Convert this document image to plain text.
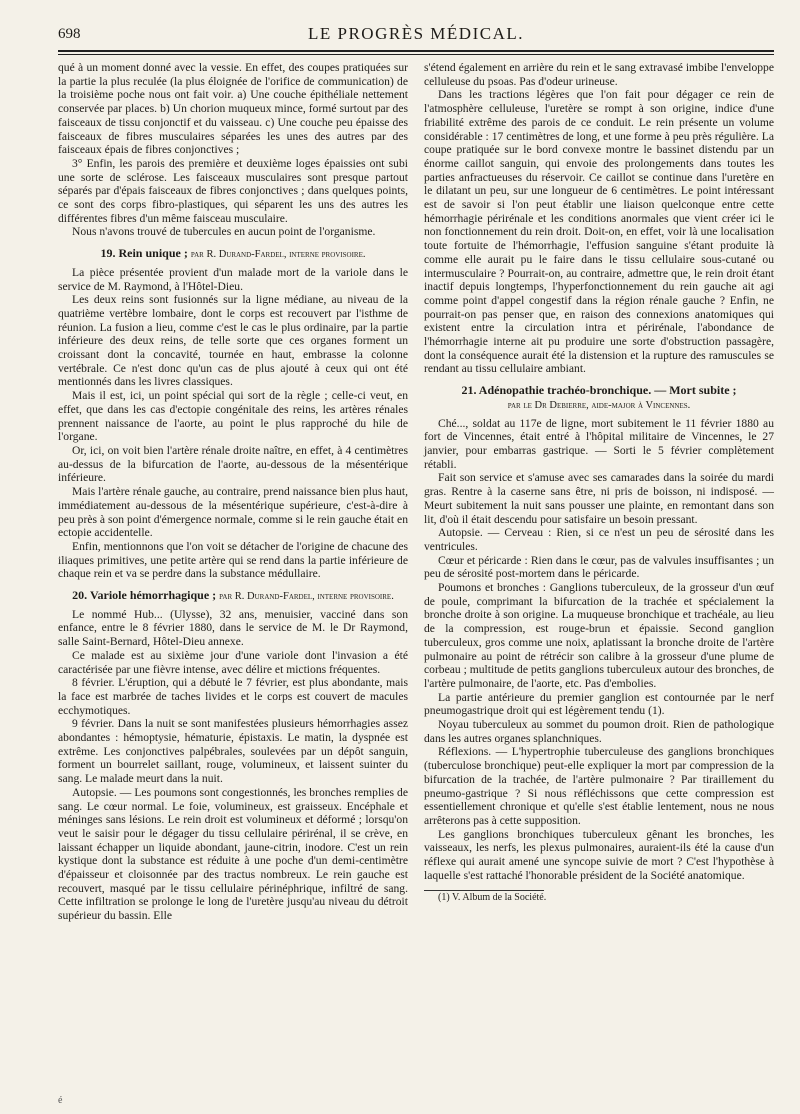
698	LE PROGRÈS MÉDICAL.

qué à un moment donné avec la vessie. En effet, des coupes pratiquées sur la partie la plus reculée (la plus éloignée de l'orifice de communication) de la troisième poche nous ont fait voir. a) Une couche épithéliale nettement conservée par places. b) Un chorion muqueux mince, formé surtout par des faisceaux de tissu conjonctif et du vaisseau. c) Une couche peu épaisse des faisceaux de fibres musculaires séparées les unes des autres par des faisceaux épais de fibres conjonctives ;

3° Enfin, les parois des première et deuxième loges épaissies ont subi une sorte de sclérose. Les faisceaux musculaires sont presque partout séparés par d'épais faisceaux de fibres conjonctives ; dans quelques points, ce sont des corps fibro-plastiques, qui séparent les uns des autres les différentes fibres d'un même faisceau musculaire.

Nous n'avons trouvé de tubercules en aucun point de l'organisme.

19. Rein unique ; par R. Durand-Fardel, interne provisoire.

La pièce présentée provient d'un malade mort de la variole dans le service de M. Raymond, à l'Hôtel-Dieu.

Les deux reins sont fusionnés sur la ligne médiane, au niveau de la quatrième vertèbre lombaire, dont le corps est recouvert par l'isthme de réunion. La fusion a lieu, comme c'est le cas le plus ordinaire, par la partie inférieure des deux reins, de telle sorte que ces organes forment un croissant dont la concavité, tournée en haut, embrasse la colonne vertébrale. Ce n'est donc qu'un cas de plus ajouté à ceux qui ont été mentionnés dans les livres classiques.

Mais il est, ici, un point spécial qui sort de la règle ; celle-ci veut, en effet, que dans les cas d'ectopie congénitale des reins, les artères rénales prennent naissance de l'aorte, au point le plus rapproché du hile de l'organe.

Or, ici, on voit bien l'artère rénale droite naître, en effet, à 4 centimètres au-dessus de la bifurcation de l'aorte, au-dessous de la mésentérique inférieure.

Mais l'artère rénale gauche, au contraire, prend naissance bien plus haut, immédiatement au-dessous de la mésentérique supérieure, c'est-à-dire à peu près à son point d'émergence normale, comme si le rein gauche était en ectopie accidentelle.

Enfin, mentionnons que l'on voit se détacher de l'origine de chacune des iliaques primitives, une petite artère qui se rend dans la partie inférieure de chaque rein et va se perdre dans la substance médullaire.

20. Variole hémorrhagique ; par R. Durand-Fardel, interne provisoire.

Le nommé Hub... (Ulysse), 32 ans, menuisier, vacciné dans son enfance, entre le 8 février 1880, dans le service de M. le Dr Raymond, salle Saint-Bernard, Hôtel-Dieu annexe.

Ce malade est au sixième jour d'une variole dont l'invasion a été caractérisée par une fièvre intense, avec délire et mictions fréquentes.

8 février. L'éruption, qui a débuté le 7 février, est plus abondante, mais la face est marbrée de taches livides et le corps est couvert de macules ecchymotiques.

9 février. Dans la nuit se sont manifestées plusieurs hémorrhagies assez abondantes : hémoptysie, hématurie, épistaxis. Le matin, la dyspnée est extrême. Les conjonctives palpébrales, soulevées par un dépôt sanguin, forment un bourrelet saillant, rouge, volumineux, et laissent suinter du sang. Le malade meurt dans la nuit.

Autopsie. — Les poumons sont congestionnés, les bronches remplies de sang. Le cœur normal. Le foie, volumineux, est graisseux. Encéphale et méninges sans lésions. Le rein droit est volumineux et déformé ; lorsqu'on veut le saisir pour le dégager du tissu cellulaire périrénal, il se crève, en laissant échapper un liquide abondant, jaune-citrin, inodore. C'est un rein kystique dont la substance est réduite à une poche d'un demi-centimètre d'épaisseur et cloisonnée par des tractus nombreux. Le rein gauche est recouvert, masqué par le tissu cellulaire périnéphrique, infiltré de sang. Cette infiltration se prolonge le long de l'uretère jusqu'au niveau du détroit supérieur du bassin. Elle

s'étend également en arrière du rein et le sang extravasé imbibe l'enveloppe celluleuse du psoas. Pas d'odeur urineuse.

Dans les tractions légères que l'on fait pour dégager ce rein de l'atmosphère celluleuse, l'uretère se rompt à son origine, indice d'une friabilité extrême des parois de ce conduit. Le rein présente un volume considérable : 17 centimètres de long, et une forme à peu près régulière. La coupe pratiquée sur le bord convexe montre le bassinet distendu par un énorme caillot sanguin, qui envoie des prolongements dans toutes les parties anfractueuses du réservoir. Ce caillot se continue dans l'uretère en le dilatant un peu, sur une longueur de 6 centimètres. Le point intéressant est de savoir si l'on peut établir une liaison quelconque entre cette hémorrhagie périrénale et les conditions anormales que vient créer ici le non fonctionnement du rein droit. Doit-on, en effet, voir là une localisation toute fortuite de l'hémorrhagie, l'effusion sanguine s'étant produite là comme elle aurait pu le faire dans le tissu cellulaire sous-cutané ou intermusculaire ? Pourrait-on, au contraire, admettre que, le rein droit étant inactif depuis longtemps, l'hyperfonctionnement du rein gauche ait agi comme point d'appel congestif dans la région rénale gauche ? Enfin, ne pourrait-on pas penser que, en raison des connexions anatomiques qui existent entre la circulation intra et périrénale, l'abondance de l'hémorrhagie interne ait pu produire une sorte d'obstruction passagère, dont la conséquence aurait été la distension et la rupture des ramuscules se rendant au tissu cellulaire ambiant.

21. Adénopathie trachéo-bronchique. — Mort subite ;
par le Dr Debierre, aide-major à Vincennes.

Ché..., soldat au 117e de ligne, mort subitement le 11 février 1880 au fort de Vincennes, était entré à l'hôpital militaire de Vincennes, le 27 janvier, pour embarras gastrique. — Sorti le 5 février complètement rétabli.

Fait son service et s'amuse avec ses camarades dans la soirée du mardi gras. Rentre à la caserne sans être, ni pris de boisson, ni indisposé. — Meurt subitement la nuit sans pousser une plainte, en remontant dans son lit, d'où il était descendu pour satisfaire un besoin pressant.

Autopsie. — Cerveau : Rien, si ce n'est un peu de sérosité dans les ventricules.

Cœur et péricarde : Rien dans le cœur, pas de valvules insuffisantes ; un peu de sérosité post-mortem dans le péricarde.

Poumons et bronches : Ganglions tuberculeux, de la grosseur d'un œuf de poule, comprimant la bifurcation de la trachée et spécialement la bronche droite à son origine. La muqueuse bronchique et trachéale, au lieu de la compression, est rouge-brun et épaissie. Second ganglion tuberculeux, gros comme une noix, aplatissant la bronche droite de l'artère pulmonaire au point de rétrécir son calibre à la grosseur d'une plume de corbeau ; multitude de petits ganglions tuberculeux autour des bronches, de l'artère pulmonaire, de l'aorte, etc. Pas d'embolies.

La partie antérieure du premier ganglion est contournée par le nerf pneumogastrique droit qui est légèrement tendu (1).

Noyau tuberculeux au sommet du poumon droit. Rien de pathologique dans les autres organes splanchniques.

Réflexions. — L'hypertrophie tuberculeuse des ganglions bronchiques (tuberculose bronchique) peut-elle expliquer la mort par compression de la bifurcation de la trachée, de l'artère pulmonaire ? Par tiraillement du pneumo-gastrique ? Si nous réfléchissons que cette compression est essentiellement chronique et qu'elle s'est établie lentement, nous ne nous arrêterons pas à cette supposition.

Les ganglions bronchiques tuberculeux gênant les bronches, les vaisseaux, les nerfs, les plexus pulmonaires, auraient-ils été la cause d'un réflexe qui aurait amené une syncope suivie de mort ? C'est l'hypothèse à laquelle s'est rattaché l'honorable président de la Société anatomique.

(1) V. Album de la Société.

é
